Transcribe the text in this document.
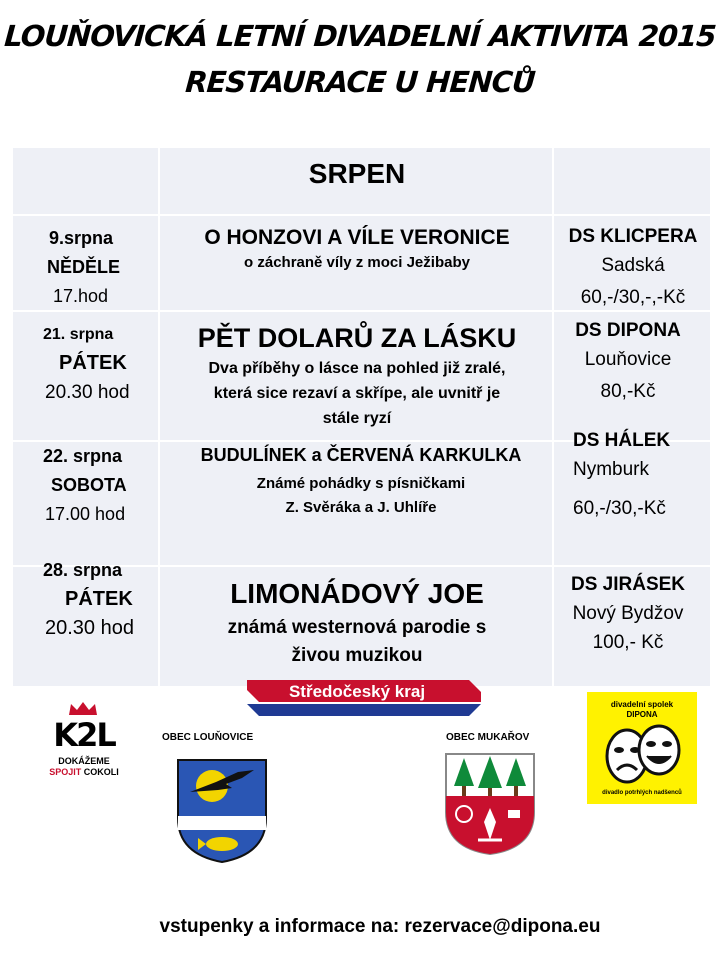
LOUŇOVICKÁ LETNÍ DIVADELNÍ AKTIVITA 2015
RESTAURACE U HENCŮ
SRPEN
9.srpna
NĚDĚLE
17.hod
O HONZOVI A VÍLE VERONICE
o záchraně víly z moci Ježibaby
DS KLICPERA
Sadská
60,-/30,-,-Kč
21. srpna
PÁTEK
20.30 hod
PĚT DOLARŮ ZA LÁSKU
Dva příběhy o lásce na pohled již zralé,
která sice rezaví a skřípe, ale uvnitř je
stále ryzí
DS DIPONA
Louňovice
80,-Kč
22. srpna
SOBOTA
17.00 hod
BUDULÍNEK a ČERVENÁ KARKULKA
Známé pohádky s písničkami
Z. Svěráka a J. Uhlíře
DS HÁLEK
Nymburk
60,-/30,-Kč
28. srpna
PÁTEK
20.30 hod
LIMONÁDOVÝ JOE
známá westernová parodie s
živou muzikou
DS JIRÁSEK
Nový Bydžov
100,- Kč
K2L
DOKÁŽEME
SPOJIT COKOLI
Středočeský kraj
OBEC LOUŇOVICE	OBEC MUKAŘOV
divadelní spolek
DIPONA
divadlo potrhlých nadšenců
vstupenky a informace na: rezervace@dipona.eu
